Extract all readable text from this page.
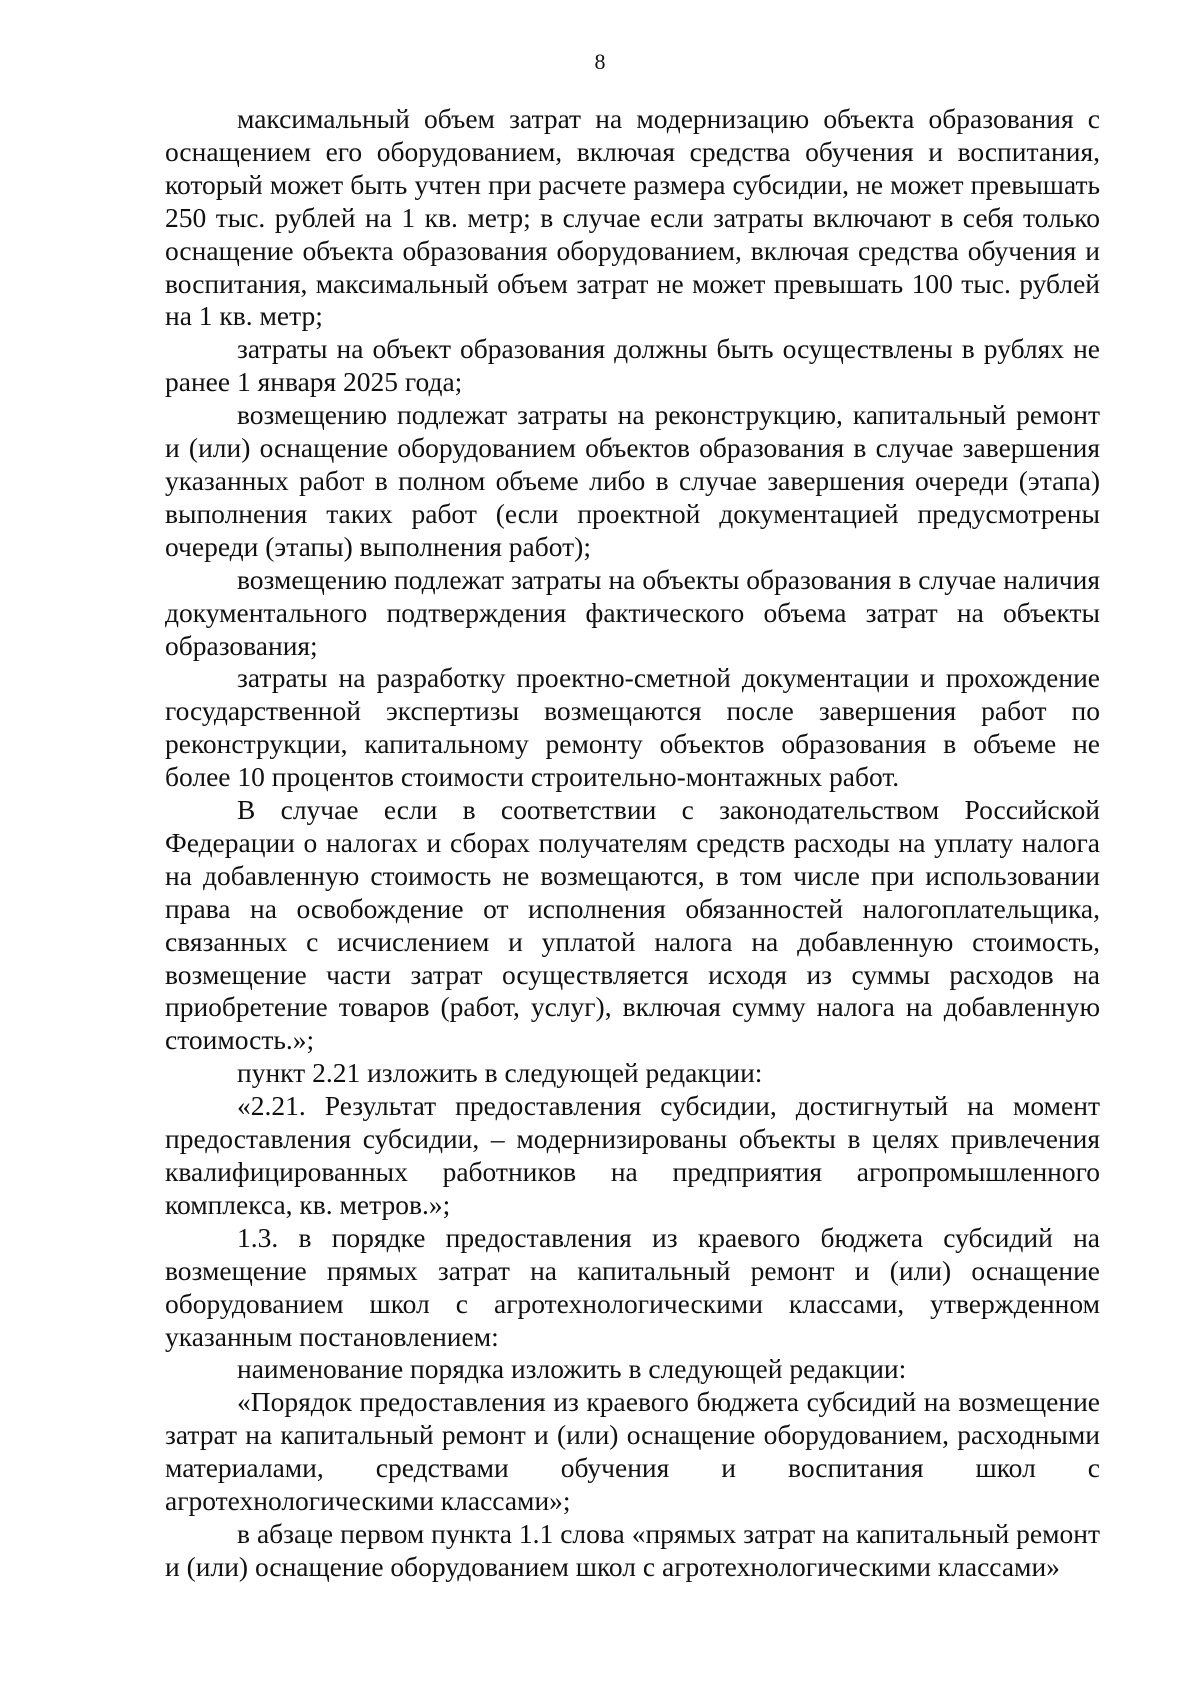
8

максимальный объем затрат на модернизацию объекта образования с оснащением его оборудованием, включая средства обучения и воспитания, который может быть учтен при расчете размера субсидии, не может превышать 250 тыс. рублей на 1 кв. метр; в случае если затраты включают в себя только оснащение объекта образования оборудованием, включая средства обучения и воспитания, максимальный объем затрат не может превышать 100 тыс. рублей на 1 кв. метр;

затраты на объект образования должны быть осуществлены в рублях не ранее 1 января 2025 года;

возмещению подлежат затраты на реконструкцию, капитальный ремонт и (или) оснащение оборудованием объектов образования в случае завершения указанных работ в полном объеме либо в случае завершения очереди (этапа) выполнения таких работ (если проектной документацией предусмотрены очереди (этапы) выполнения работ);

возмещению подлежат затраты на объекты образования в случае наличия документального подтверждения фактического объема затрат на объекты образования;

затраты на разработку проектно-сметной документации и прохождение государственной экспертизы возмещаются после завершения работ по реконструкции, капитальному ремонту объектов образования в объеме не более 10 процентов стоимости строительно-монтажных работ.

В случае если в соответствии с законодательством Российской Федерации о налогах и сборах получателям средств расходы на уплату налога на добавленную стоимость не возмещаются, в том числе при использовании права на освобождение от исполнения обязанностей налогоплательщика, связанных с исчислением и уплатой налога на добавленную стоимость, возмещение части затрат осуществляется исходя из суммы расходов на приобретение товаров (работ, услуг), включая сумму налога на добавленную стоимость.»;

пункт 2.21 изложить в следующей редакции:

«2.21. Результат предоставления субсидии, достигнутый на момент предоставления субсидии, – модернизированы объекты в целях привлечения квалифицированных работников на предприятия агропромышленного комплекса, кв. метров.»;

1.3. в порядке предоставления из краевого бюджета субсидий на возмещение прямых затрат на капитальный ремонт и (или) оснащение оборудованием школ с агротехнологическими классами, утвержденном указанным постановлением:

наименование порядка изложить в следующей редакции:

«Порядок предоставления из краевого бюджета субсидий на возмещение затрат на капитальный ремонт и (или) оснащение оборудованием, расходными материалами, средствами обучения и воспитания школ с агротехнологическими классами»;

в абзаце первом пункта 1.1 слова «прямых затрат на капитальный ремонт и (или) оснащение оборудованием школ с агротехнологическими классами»
